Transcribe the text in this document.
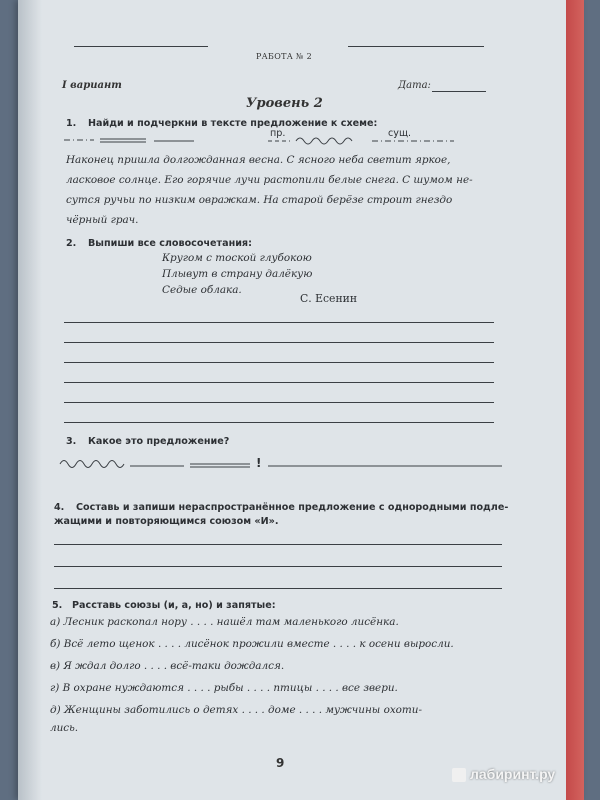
РАБОТА № 2
I вариант	Дата:
Уровень 2
1. Найди и подчеркни в тексте предложение к схеме:
пр.	сущ.
Наконец пришла долгожданная весна. С ясного неба светит яркое,
ласковое солнце. Его горячие лучи растопили белые снега. С шумом не-
сутся ручьи по низким овражкам. На старой берёзе строит гнездо
чёрный грач.
2. Выпиши все словосочетания:
Кругом с тоской глубокою
Плывут в страну далёкую
Седые облака.
С. Есенин
3. Какое это предложение?
!
4. Составь и запиши нераспространённое предложение с однородными подле-
жащими и повторяющимся союзом «И».
5. Расставь союзы (и, а, но) и запятые:
а) Лесник раскопал нору . . . . нашёл там маленького лисёнка.
б) Всё лето щенок . . . . лисёнок прожили вместе . . . . к осени выросли.
в) Я ждал долго . . . . всё-таки дождался.
г) В охране нуждаются . . . . рыбы . . . . птицы . . . . все звери.
д) Женщины заботились о детях . . . . доме . . . . мужчины охоти-
лись.
9
лабиринт.ру
